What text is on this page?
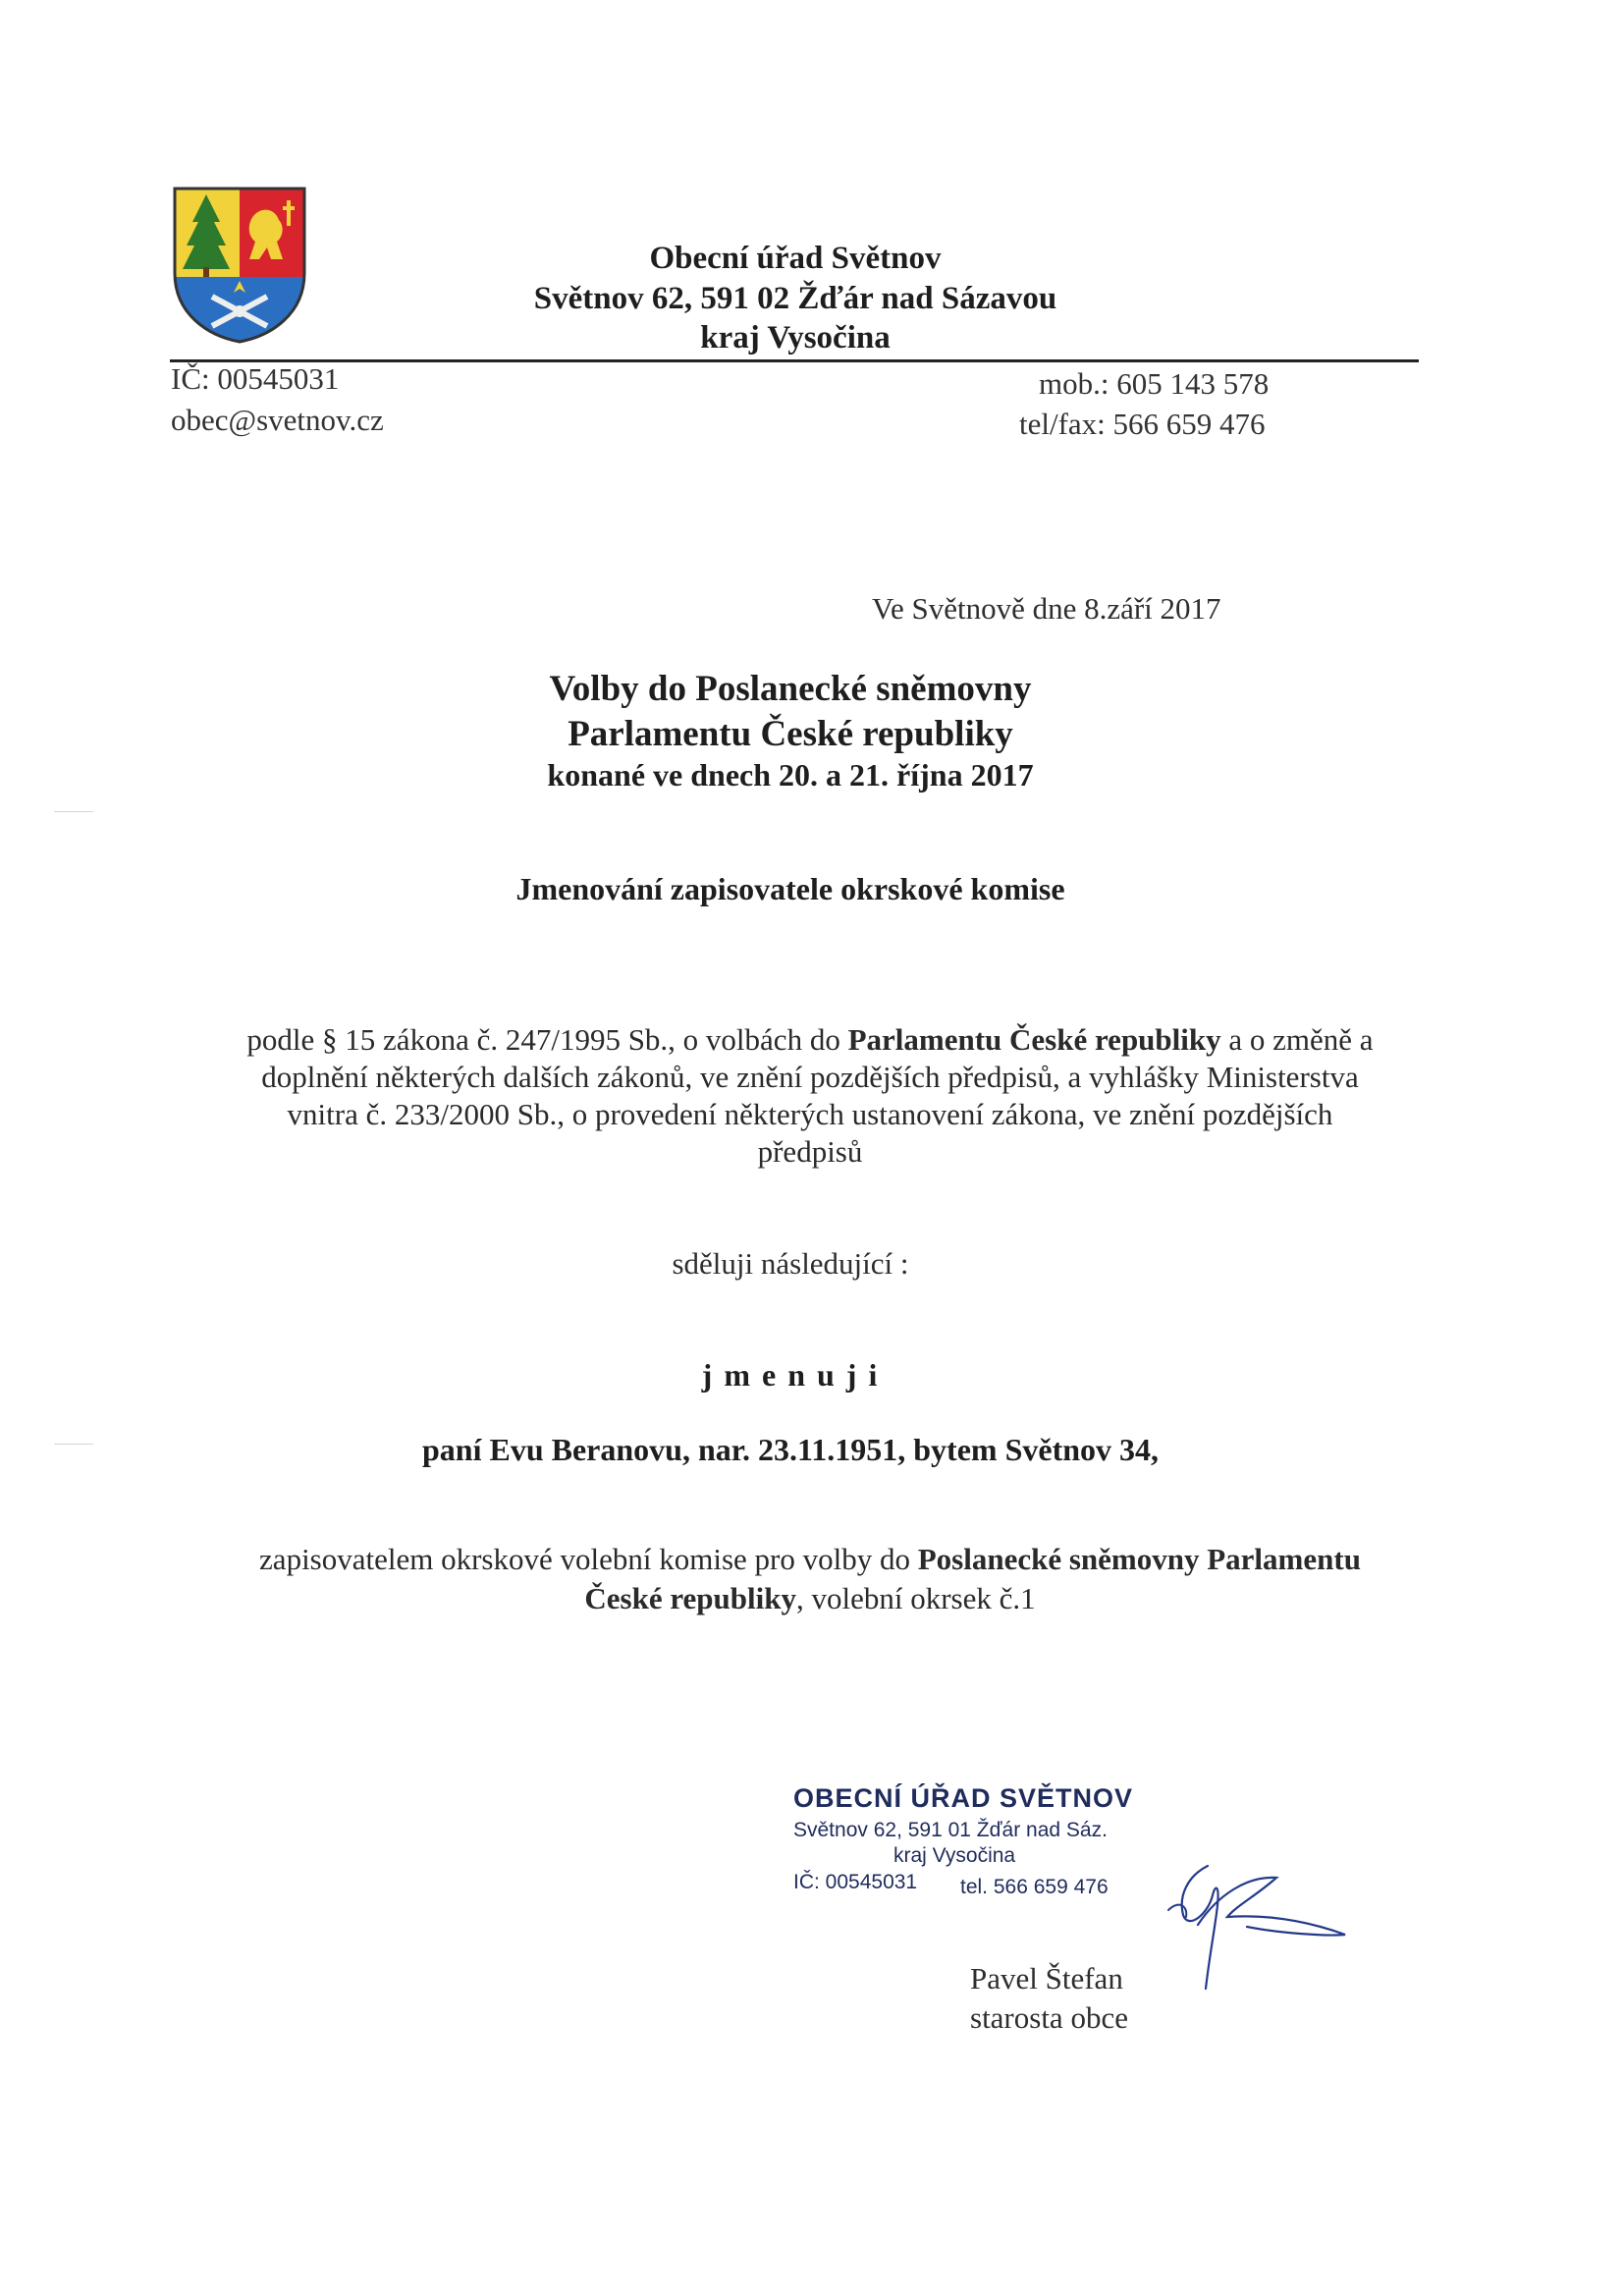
Obecní úřad Světnov
Světnov 62, 591 02 Žďár nad Sázavou
kraj Vysočina
IČ: 00545031
obec@svetnov.cz
mob.: 605 143 578
tel/fax: 566 659 476
Ve Světnově dne 8.září 2017
Volby do Poslanecké sněmovny
Parlamentu České republiky
konané ve dnech 20. a 21. října 2017
Jmenování zapisovatele okrskové komise
podle § 15 zákona č. 247/1995 Sb., o volbách do Parlamentu České republiky a o změně a
doplnění některých dalších zákonů, ve znění pozdějších předpisů, a vyhlášky Ministerstva
vnitra č. 233/2000 Sb., o provedení některých ustanovení zákona, ve znění pozdějších
předpisů
sděluji následující :
j m e n u j i
paní Evu Beranovu, nar. 23.11.1951, bytem Světnov 34,
zapisovatelem okrskové volební komise pro volby do Poslanecké sněmovny Parlamentu
České republiky, volební okrsek č.1
OBECNÍ ÚŘAD SVĚTNOV
Světnov 62, 591 01 Žďár nad Sáz.
kraj Vysočina
IČ: 00545031 tel. 566 659 476
Pavel Štefan
starosta obce
